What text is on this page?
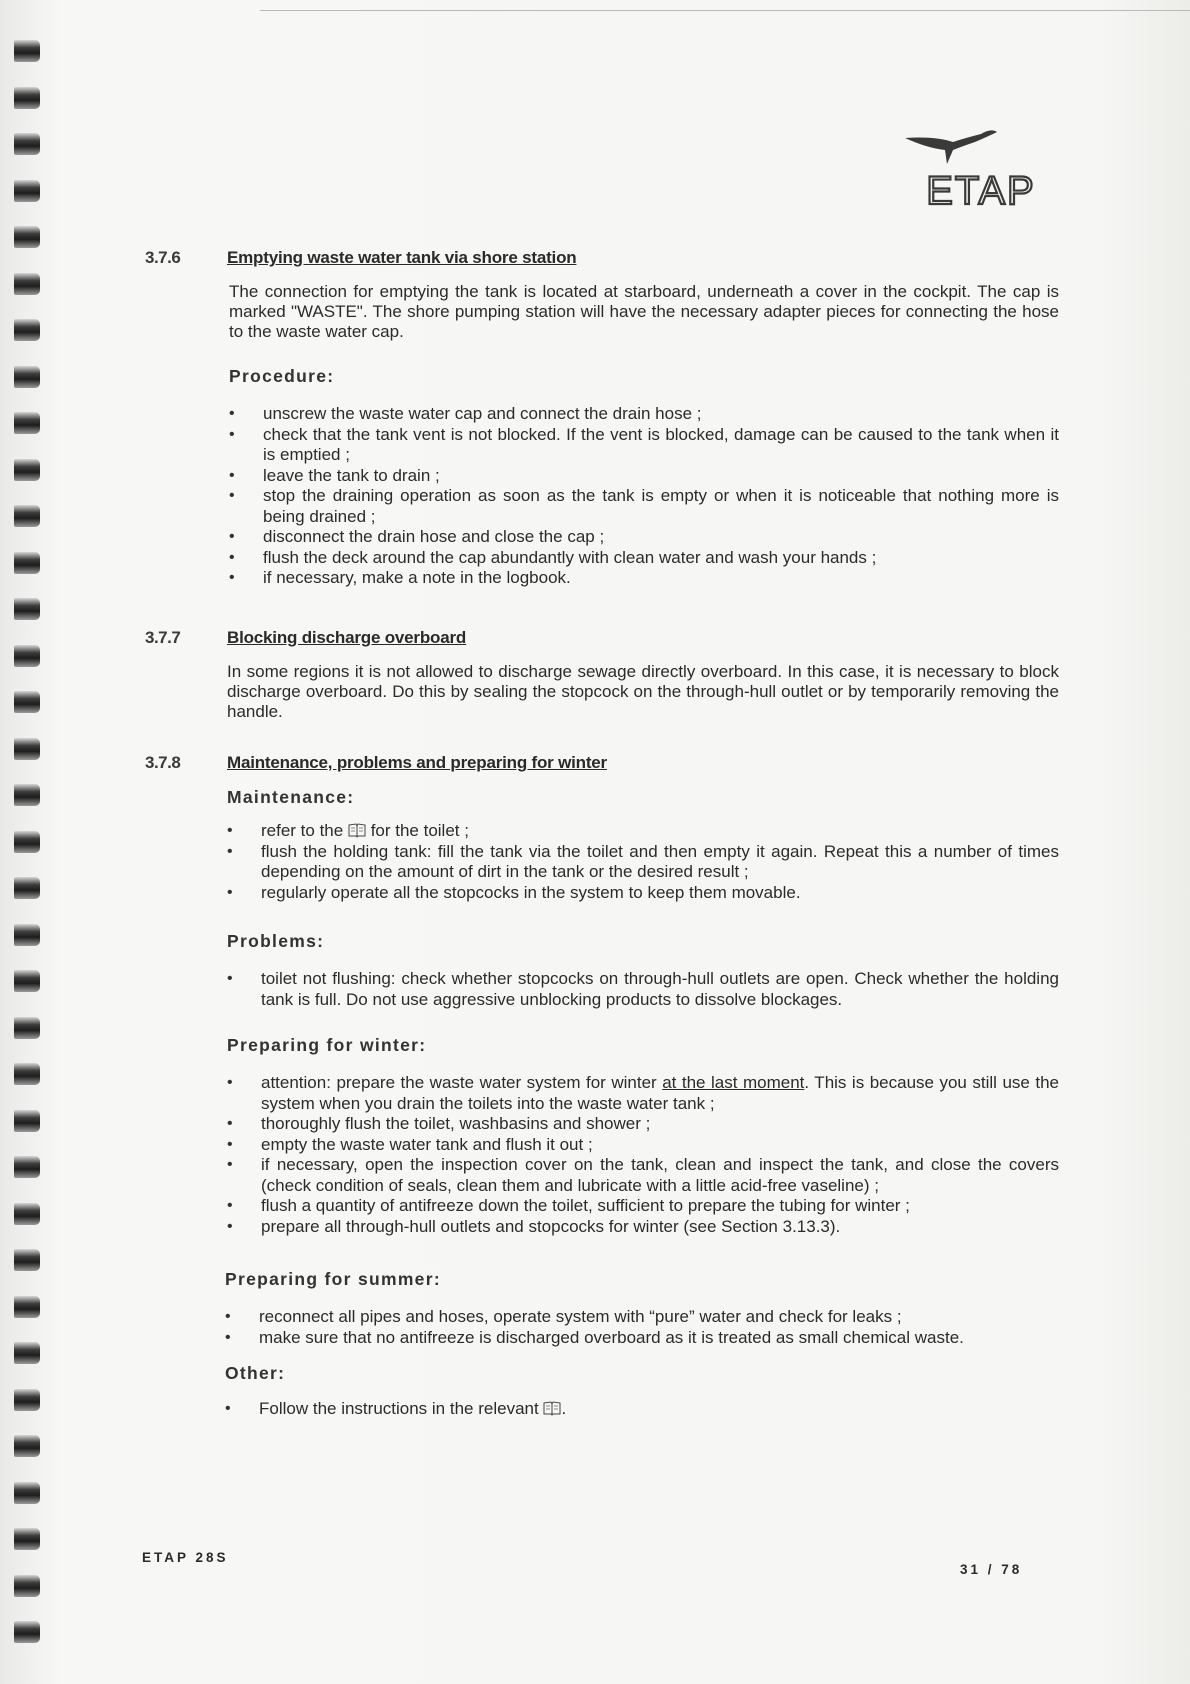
ETAP
3.7.6	Emptying waste water tank via shore station
The connection for emptying the tank is located at starboard, underneath a cover in the cockpit. The cap is marked "WASTE". The shore pumping station will have the necessary adapter pieces for connecting the hose to the waste water cap.
Procedure:
• unscrew the waste water cap and connect the drain hose ;
• check that the tank vent is not blocked. If the vent is blocked, damage can be caused to the tank when it is emptied ;
• leave the tank to drain ;
• stop the draining operation as soon as the tank is empty or when it is noticeable that nothing more is being drained ;
• disconnect the drain hose and close the cap ;
• flush the deck around the cap abundantly with clean water and wash your hands ;
• if necessary, make a note in the logbook.
3.7.7	Blocking discharge overboard
In some regions it is not allowed to discharge sewage directly overboard. In this case, it is necessary to block discharge overboard. Do this by sealing the stopcock on the through-hull outlet or by temporarily removing the handle.
3.7.8	Maintenance, problems and preparing for winter
Maintenance:
• refer to the for the toilet ;
• flush the holding tank: fill the tank via the toilet and then empty it again. Repeat this a number of times depending on the amount of dirt in the tank or the desired result ;
• regularly operate all the stopcocks in the system to keep them movable.
Problems:
• toilet not flushing: check whether stopcocks on through-hull outlets are open. Check whether the holding tank is full. Do not use aggressive unblocking products to dissolve blockages.
Preparing for winter:
• attention: prepare the waste water system for winter at the last moment. This is because you still use the system when you drain the toilets into the waste water tank ;
• thoroughly flush the toilet, washbasins and shower ;
• empty the waste water tank and flush it out ;
• if necessary, open the inspection cover on the tank, clean and inspect the tank, and close the covers (check condition of seals, clean them and lubricate with a little acid-free vaseline) ;
• flush a quantity of antifreeze down the toilet, sufficient to prepare the tubing for winter ;
• prepare all through-hull outlets and stopcocks for winter (see Section 3.13.3).
Preparing for summer:
• reconnect all pipes and hoses, operate system with “pure” water and check for leaks ;
• make sure that no antifreeze is discharged overboard as it is treated as small chemical waste.
Other:
• Follow the instructions in the relevant .
ETAP 28S
31 / 78
